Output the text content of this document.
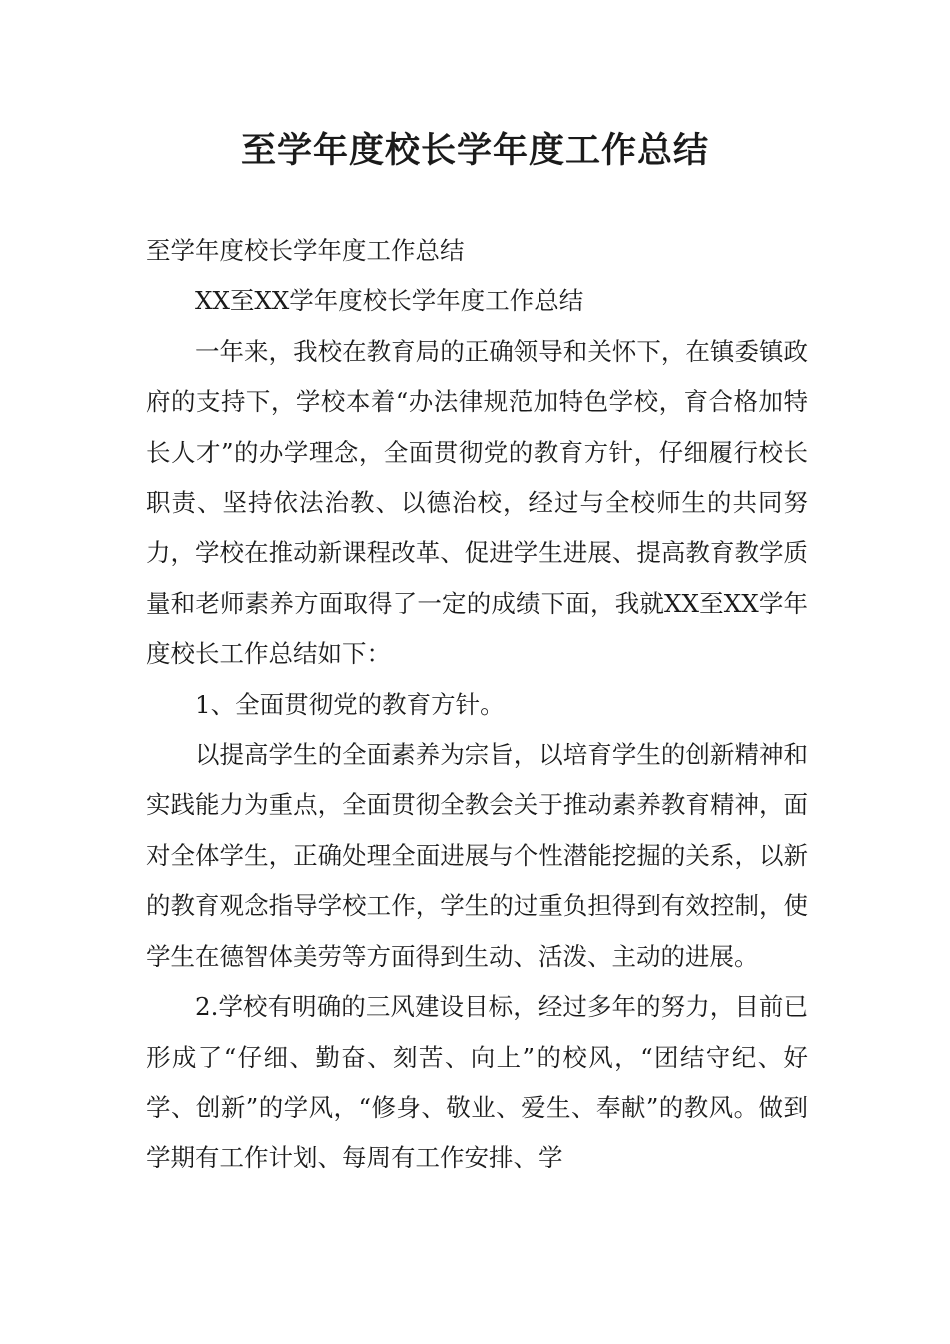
至学年度校长学年度工作总结

至学年度校长学年度工作总结

XX至XX学年度校长学年度工作总结

一年来，我校在教育局的正确领导和关怀下，在镇委镇政府的支持下，学校本着“办法律规范加特色学校，育合格加特长人才”的办学理念，全面贯彻党的教育方针，仔细履行校长职责、坚持依法治教、以德治校，经过与全校师生的共同努力，学校在推动新课程改革、促进学生进展、提高教育教学质量和老师素养方面取得了一定的成绩下面，我就XX至XX学年度校长工作总结如下：

1、全面贯彻党的教育方针。

以提高学生的全面素养为宗旨，以培育学生的创新精神和实践能力为重点，全面贯彻全教会关于推动素养教育精神，面对全体学生，正确处理全面进展与个性潜能挖掘的关系，以新的教育观念指导学校工作，学生的过重负担得到有效控制，使学生在德智体美劳等方面得到生动、活泼、主动的进展。

2.学校有明确的三风建设目标，经过多年的努力，目前已形成了“仔细、勤奋、刻苦、向上”的校风，“团结守纪、好学、创新”的学风，“修身、敬业、爱生、奉献”的教风。做到学期有工作计划、每周有工作安排、学
